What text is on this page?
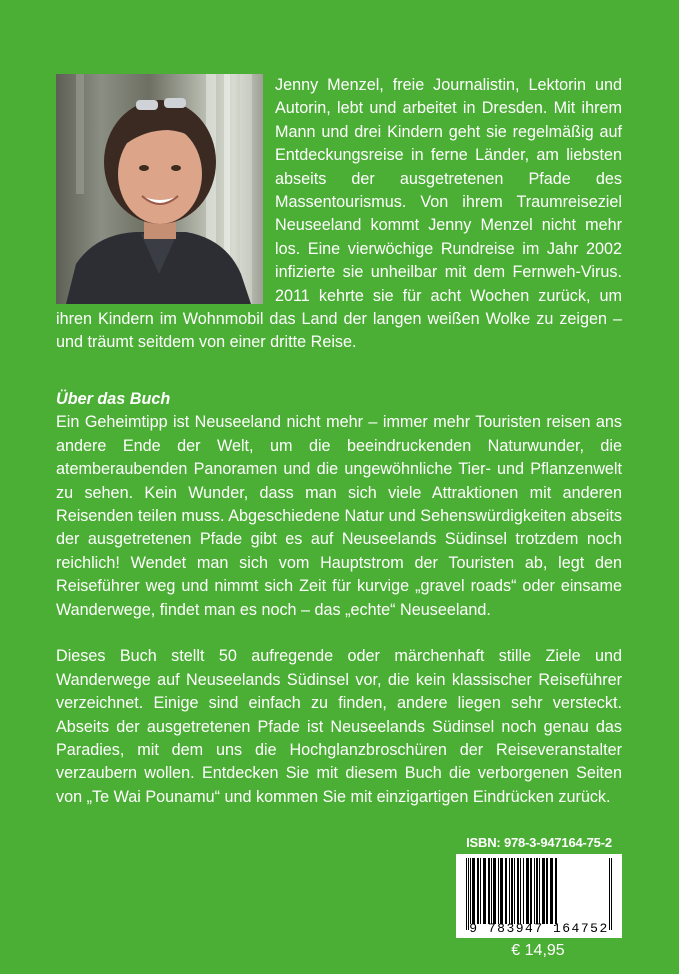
Jenny Menzel, freie Journalistin, Lektorin und Autorin, lebt und arbeitet in Dresden. Mit ihrem Mann und drei Kindern geht sie regelmäßig auf Entdeckungsreise in ferne Länder, am liebsten abseits der ausgetretenen Pfade des Massentourismus. Von ihrem Traumreiseziel Neuseeland kommt Jenny Menzel nicht mehr los. Eine vierwöchige Rundreise im Jahr 2002 infizierte sie unheilbar mit dem Fernweh-Virus. 2011 kehrte sie für acht Wochen zurück, um ihren Kindern im Wohnmobil das Land der langen weißen Wolke zu zeigen – und träumt seitdem von einer dritte Reise.
Über das Buch

Ein Geheimtipp ist Neuseeland nicht mehr – immer mehr Touristen reisen ans andere Ende der Welt, um die beeindruckenden Naturwunder, die atemberaubenden Panoramen und die ungewöhnliche Tier- und Pflanzenwelt zu sehen. Kein Wunder, dass man sich viele Attraktionen mit anderen Reisenden teilen muss. Abgeschiedene Natur und Sehenswürdigkeiten abseits der ausgetretenen Pfade gibt es auf Neuseelands Südinsel trotzdem noch reichlich! Wendet man sich vom Hauptstrom der Touristen ab, legt den Reiseführer weg und nimmt sich Zeit für kurvige „gravel roads“ oder einsame Wanderwege, findet man es noch – das „echte“ Neuseeland.

Dieses Buch stellt 50 aufregende oder märchenhaft stille Ziele und Wanderwege auf Neuseelands Südinsel vor, die kein klassischer Reiseführer verzeichnet. Einige sind einfach zu finden, andere liegen sehr versteckt. Abseits der ausgetretenen Pfade ist Neuseelands Südinsel noch genau das Paradies, mit dem uns die Hochglanzbroschüren der Reiseveranstalter verzaubern wollen. Entdecken Sie mit diesem Buch die verborgenen Seiten von „Te Wai Pounamu“ und kommen Sie mit einzigartigen Eindrücken zurück.

ISBN: 978-3-947164-75-2
9 783947 164752
€ 14,95
